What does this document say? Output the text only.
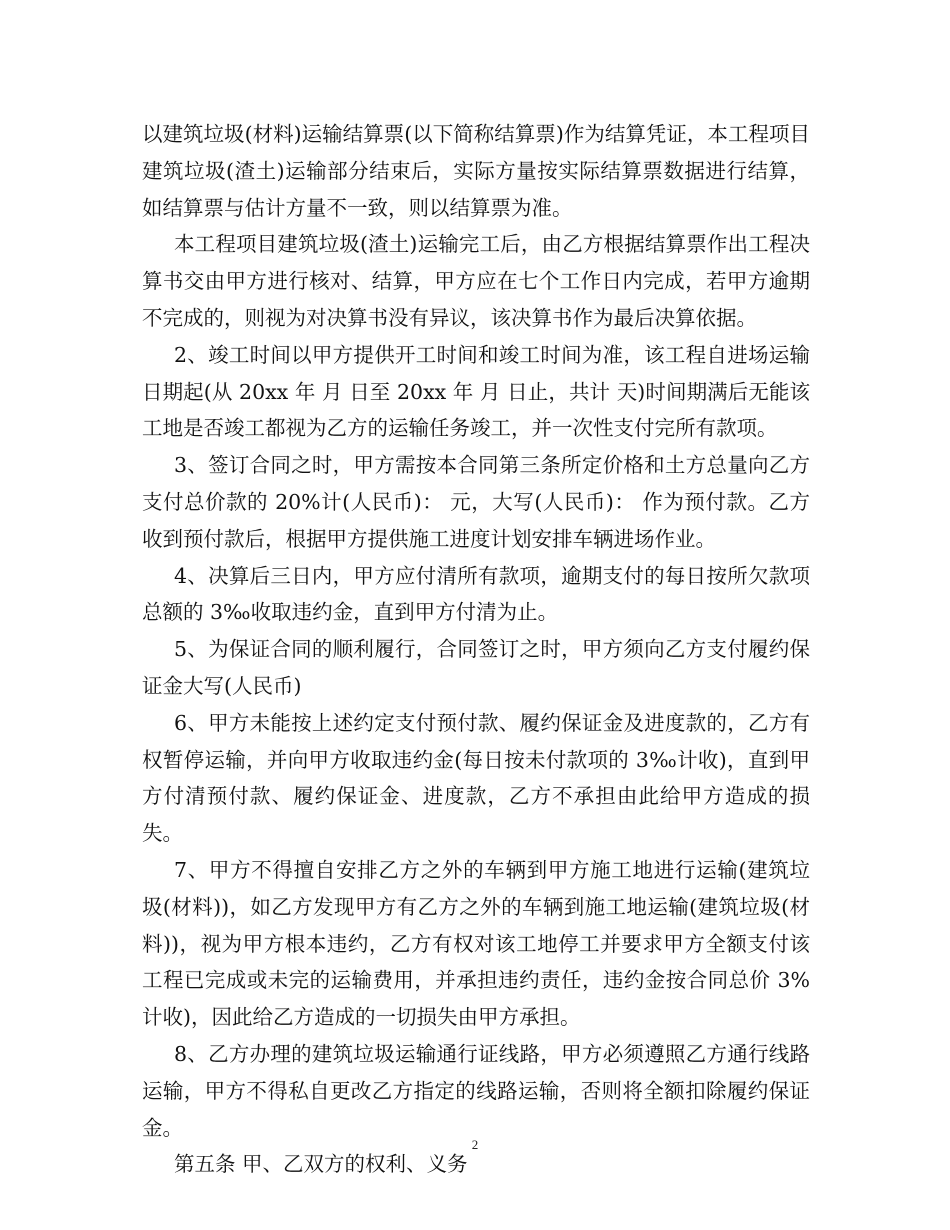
以建筑垃圾(材料)运输结算票(以下简称结算票)作为结算凭证，本工程项目建筑垃圾(渣土)运输部分结束后，实际方量按实际结算票数据进行结算，如结算票与估计方量不一致，则以结算票为准。

本工程项目建筑垃圾(渣土)运输完工后，由乙方根据结算票作出工程决算书交由甲方进行核对、结算，甲方应在七个工作日内完成，若甲方逾期不完成的，则视为对决算书没有异议，该决算书作为最后决算依据。

2、竣工时间以甲方提供开工时间和竣工时间为准，该工程自进场运输日期起(从 20xx 年 月 日至 20xx 年 月 日止，共计 天)时间期满后无能该工地是否竣工都视为乙方的运输任务竣工，并一次性支付完所有款项。

3、签订合同之时，甲方需按本合同第三条所定价格和土方总量向乙方支付总价款的 20%计(人民币)： 元，大写(人民币)： 作为预付款。乙方收到预付款后，根据甲方提供施工进度计划安排车辆进场作业。

4、决算后三日内，甲方应付清所有款项，逾期支付的每日按所欠款项总额的 3‰收取违约金，直到甲方付清为止。

5、为保证合同的顺利履行，合同签订之时，甲方须向乙方支付履约保证金大写(人民币)

6、甲方未能按上述约定支付预付款、履约保证金及进度款的，乙方有权暂停运输，并向甲方收取违约金(每日按未付款项的 3‰计收)，直到甲方付清预付款、履约保证金、进度款，乙方不承担由此给甲方造成的损失。

7、甲方不得擅自安排乙方之外的车辆到甲方施工地进行运输(建筑垃圾(材料))，如乙方发现甲方有乙方之外的车辆到施工地运输(建筑垃圾(材料))，视为甲方根本违约，乙方有权对该工地停工并要求甲方全额支付该工程已完成或未完的运输费用，并承担违约责任，违约金按合同总价 3%计收)，因此给乙方造成的一切损失由甲方承担。

8、乙方办理的建筑垃圾运输通行证线路，甲方必须遵照乙方通行线路运输，甲方不得私自更改乙方指定的线路运输，否则将全额扣除履约保证金。

第五条 甲、乙双方的权利、义务

2
